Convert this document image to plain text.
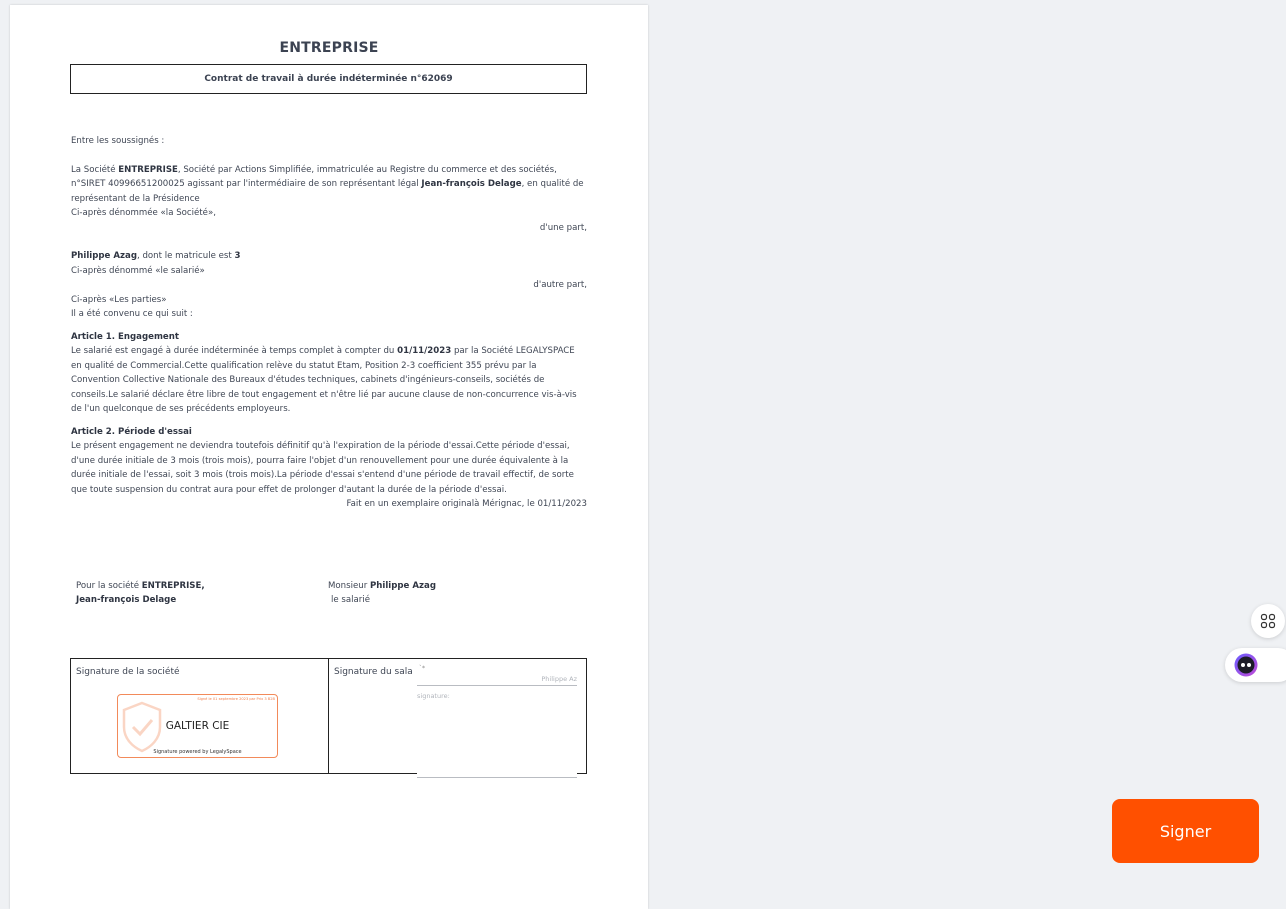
ENTREPRISE
Contrat de travail à durée indéterminée n°62069

Entre les soussignés :

La Société ENTREPRISE, Société par Actions Simplifiée, immatriculée au Registre du commerce et des sociétés, n°SIRET 40996651200025 agissant par l'intermédiaire de son représentant légal Jean-françois Delage, en qualité de représentant de la Présidence

Ci-après dénommée «la Société»,

d'une part,

Philippe Azag, dont le matricule est 3

Ci-après dénommé «le salarié»

d'autre part,

Ci-après «Les parties»

Il a été convenu ce qui suit :

Article 1. Engagement

Le salarié est engagé à durée indéterminée à temps complet à compter du 01/11/2023 par la Société LEGALYSPACE en qualité de Commercial.Cette qualification relève du statut Etam, Position 2-3 coefficient 355 prévu par la Convention Collective Nationale des Bureaux d'études techniques, cabinets d'ingénieurs-conseils, sociétés de conseils.Le salarié déclare être libre de tout engagement et n'être lié par aucune clause de non-concurrence vis-à-vis de l'un quelconque de ses précédents employeurs.

Article 2. Période d'essai

Le présent engagement ne deviendra toutefois définitif qu'à l'expiration de la période d'essai.Cette période d'essai, d'une durée initiale de 3 mois (trois mois), pourra faire l'objet d'un renouvellement pour une durée équivalente à la durée initiale de l'essai, soit 3 mois (trois mois).La période d'essai s'entend d'une période de travail effectif, de sorte que toute suspension du contrat aura pour effet de prolonger d'autant la durée de la période d'essai.

Fait en un exemplaire originalà Mérignac, le 01/11/2023

Pour la société ENTREPRISE,
Jean-françois Delage
Monsieur Philippe Azag
le salarié
Signature de la société
Signé le 01 septembre 2023 par Prix 3 B2B
GALTIER CIE
Signature powered by LegalySpace
Signature du sala `*
Philippe Az
signature:
Signer
